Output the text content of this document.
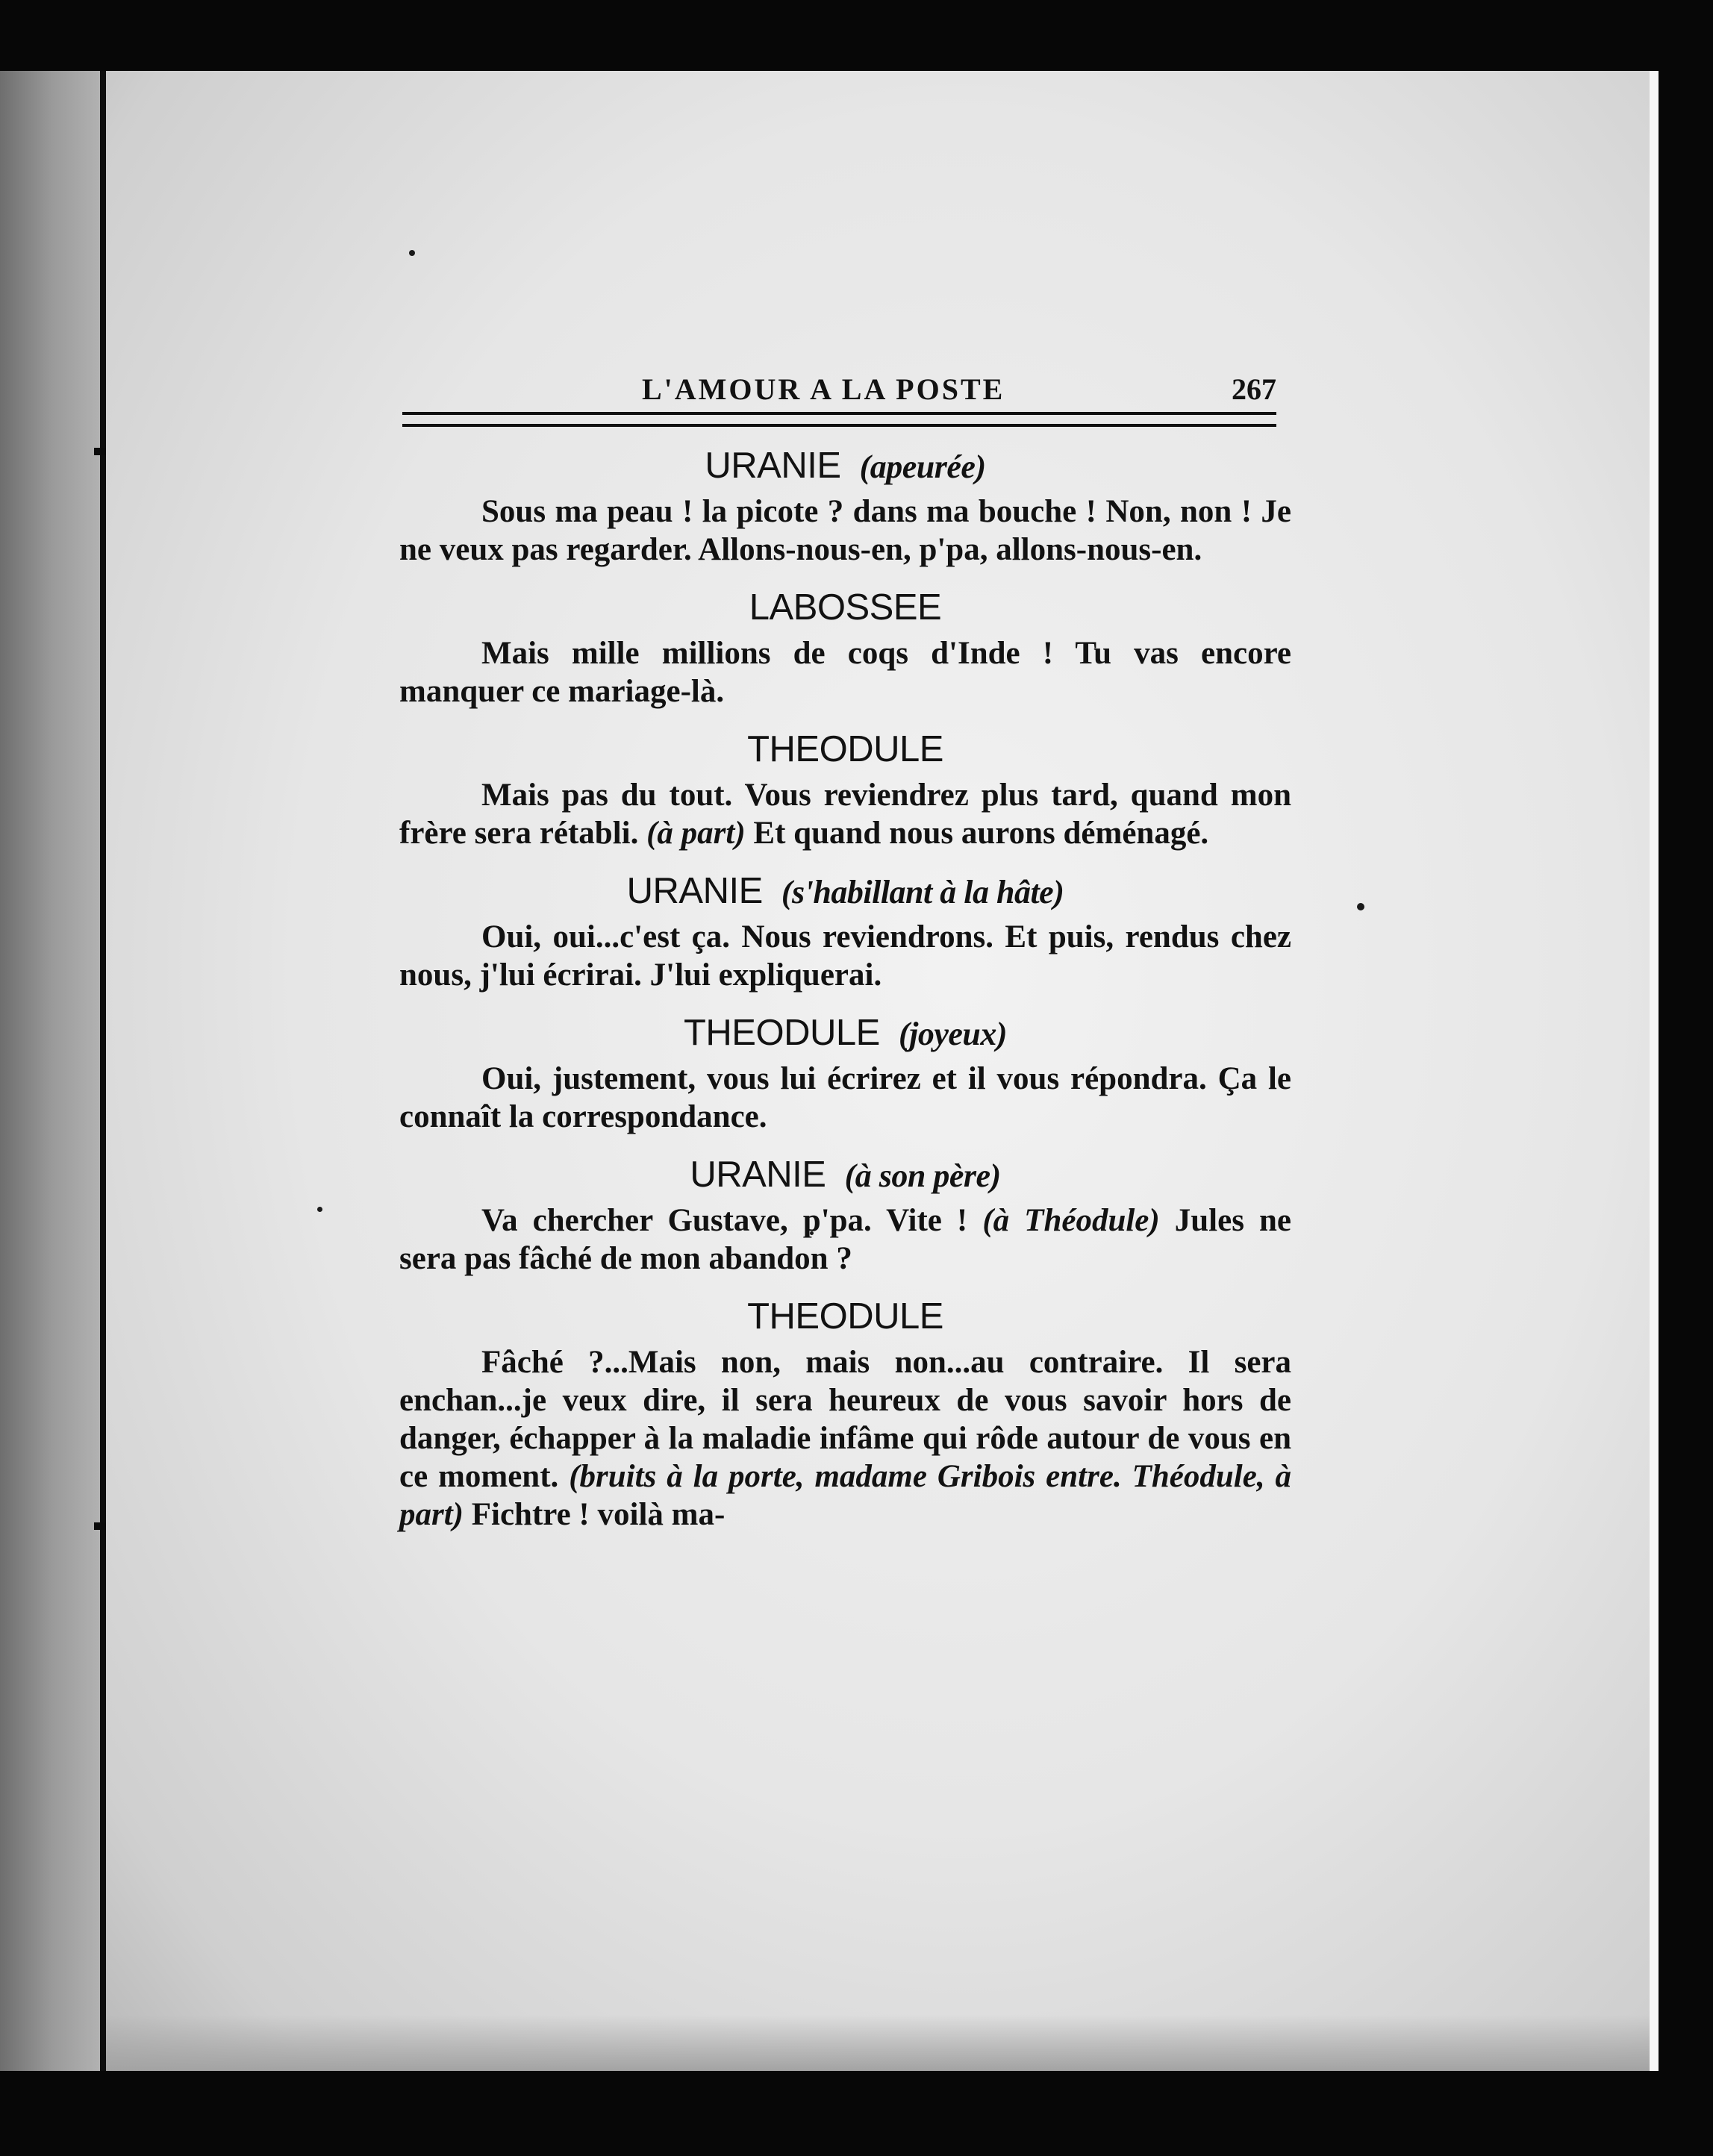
L'AMOUR A LA POSTE	267
URANIE (apeurée)

Sous ma peau ! la picote ? dans ma bouche ! Non, non ! Je ne veux pas regarder. Allons-nous-en, p'pa, allons-nous-en.

LABOSSEE

Mais mille millions de coqs d'Inde ! Tu vas encore manquer ce mariage-là.

THEODULE

Mais pas du tout. Vous reviendrez plus tard, quand mon frère sera rétabli. (à part) Et quand nous aurons déménagé.

URANIE (s'habillant à la hâte)

Oui, oui...c'est ça. Nous reviendrons. Et puis, rendus chez nous, j'lui écrirai. J'lui expliquerai.

THEODULE (joyeux)

Oui, justement, vous lui écrirez et il vous répondra. Ça le connaît la correspondance.

URANIE (à son père)

Va chercher Gustave, p'pa. Vite ! (à Théodule) Jules ne sera pas fâché de mon abandon ?

THEODULE

Fâché ?...Mais non, mais non...au contraire. Il sera enchan...je veux dire, il sera heureux de vous savoir hors de danger, échapper à la maladie infâme qui rôde autour de vous en ce moment. (bruits à la porte, madame Gribois entre. Théodule, à part) Fichtre ! voilà ma-
